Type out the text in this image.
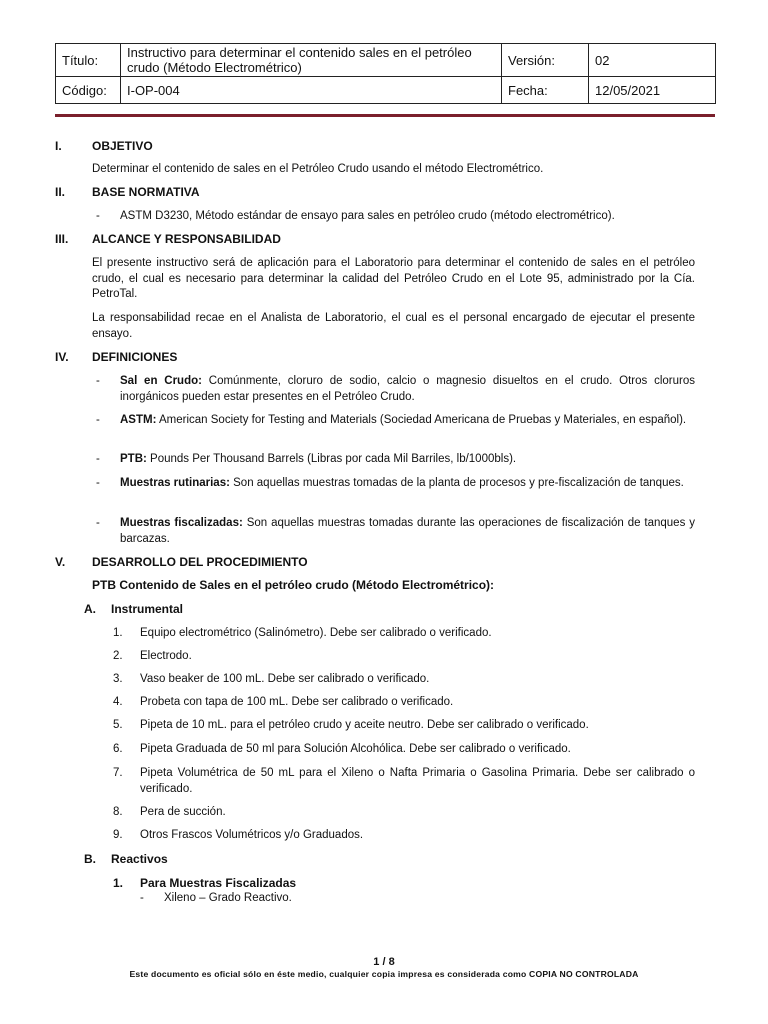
Título:	Instructivo para determinar el contenido sales en el petróleo crudo (Método Electrométrico)	Versión:	02
Código:	I-OP-004	Fecha:	12/05/2021
I.	OBJETIVO
Determinar el contenido de sales en el Petróleo Crudo usando el método Electrométrico.
II. BASE NORMATIVA
- ASTM D3230, Método estándar de ensayo para sales en petróleo crudo (método electrométrico).
III. ALCANCE Y RESPONSABILIDAD
El presente instructivo será de aplicación para el Laboratorio para determinar el contenido de sales en el petróleo crudo, el cual es necesario para determinar la calidad del Petróleo Crudo en el Lote 95, administrado por la Cía. PetroTal.
La responsabilidad recae en el Analista de Laboratorio, el cual es el personal encargado de ejecutar el presente ensayo.
IV. DEFINICIONES
- Sal en Crudo: Comúnmente, cloruro de sodio, calcio o magnesio disueltos en el crudo. Otros cloruros inorgánicos pueden estar presentes en el Petróleo Crudo.
- ASTM: American Society for Testing and Materials (Sociedad Americana de Pruebas y Materiales, en español).
- PTB: Pounds Per Thousand Barrels (Libras por cada Mil Barriles, lb/1000bls).
- Muestras rutinarias: Son aquellas muestras tomadas de la planta de procesos y pre-fiscalización de tanques.
- Muestras fiscalizadas: Son aquellas muestras tomadas durante las operaciones de fiscalización de tanques y barcazas.
V. DESARROLLO DEL PROCEDIMIENTO
PTB Contenido de Sales en el petróleo crudo (Método Electrométrico):
A. Instrumental
1. Equipo electrométrico (Salinómetro). Debe ser calibrado o verificado.
2. Electrodo.
3. Vaso beaker de 100 mL. Debe ser calibrado o verificado.
4. Probeta con tapa de 100 mL. Debe ser calibrado o verificado.
5. Pipeta de 10 mL. para el petróleo crudo y aceite neutro. Debe ser calibrado o verificado.
6. Pipeta Graduada de 50 ml para Solución Alcohólica. Debe ser calibrado o verificado.
7. Pipeta Volumétrica de 50 mL para el Xileno o Nafta Primaria o Gasolina Primaria. Debe ser calibrado o verificado.
8. Pera de succión.
9. Otros Frascos Volumétricos y/o Graduados.
B. Reactivos
1. Para Muestras Fiscalizadas
- Xileno – Grado Reactivo.
1 / 8
Este documento es oficial sólo en éste medio, cualquier copia impresa es considerada como COPIA NO CONTROLADA
